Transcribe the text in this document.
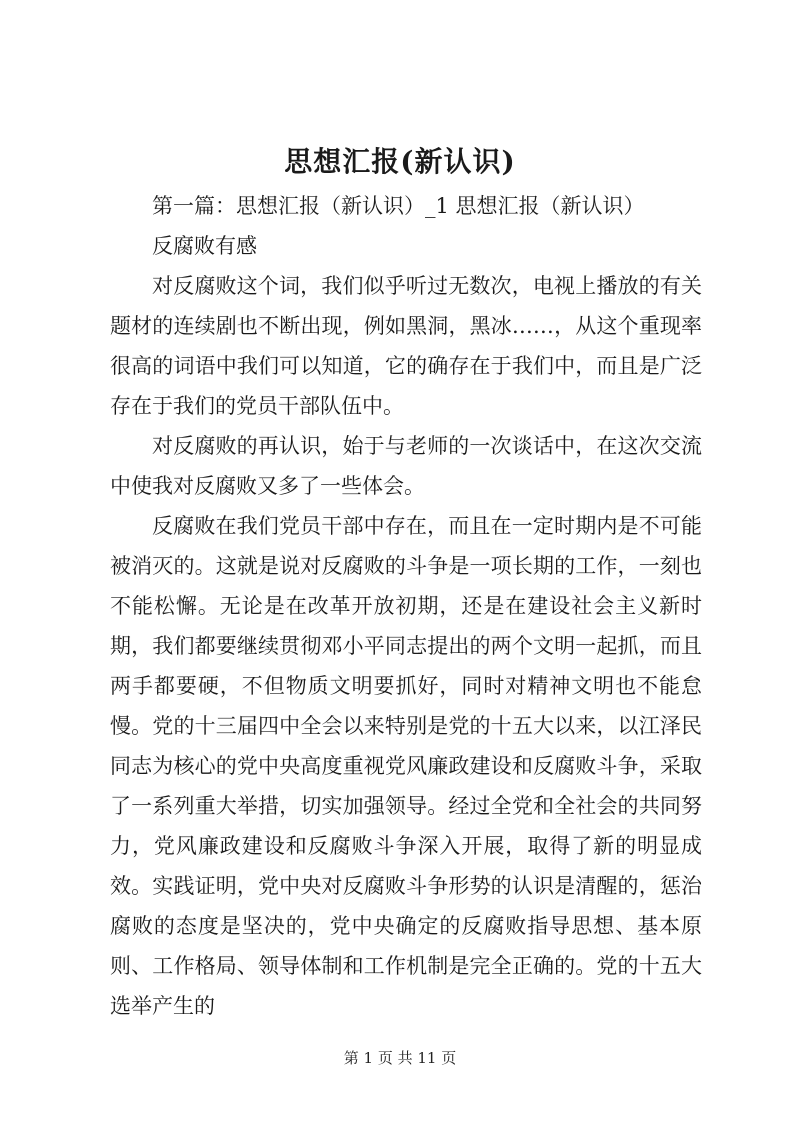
思想汇报(新认识)

第一篇：思想汇报（新认识）_1 思想汇报（新认识）

反腐败有感

对反腐败这个词，我们似乎听过无数次，电视上播放的有关题材的连续剧也不断出现，例如黑洞，黑冰……，从这个重现率很高的词语中我们可以知道，它的确存在于我们中，而且是广泛存在于我们的党员干部队伍中。

对反腐败的再认识，始于与老师的一次谈话中，在这次交流中使我对反腐败又多了一些体会。

反腐败在我们党员干部中存在，而且在一定时期内是不可能被消灭的。这就是说对反腐败的斗争是一项长期的工作，一刻也不能松懈。无论是在改革开放初期，还是在建设社会主义新时期，我们都要继续贯彻邓小平同志提出的两个文明一起抓，而且两手都要硬，不但物质文明要抓好，同时对精神文明也不能怠慢。党的十三届四中全会以来特别是党的十五大以来，以江泽民同志为核心的党中央高度重视党风廉政建设和反腐败斗争，采取了一系列重大举措，切实加强领导。经过全党和全社会的共同努力，党风廉政建设和反腐败斗争深入开展，取得了新的明显成效。实践证明，党中央对反腐败斗争形势的认识是清醒的，惩治腐败的态度是坚决的，党中央确定的反腐败指导思想、基本原则、工作格局、领导体制和工作机制是完全正确的。党的十五大选举产生的

第 1 页 共 11 页
